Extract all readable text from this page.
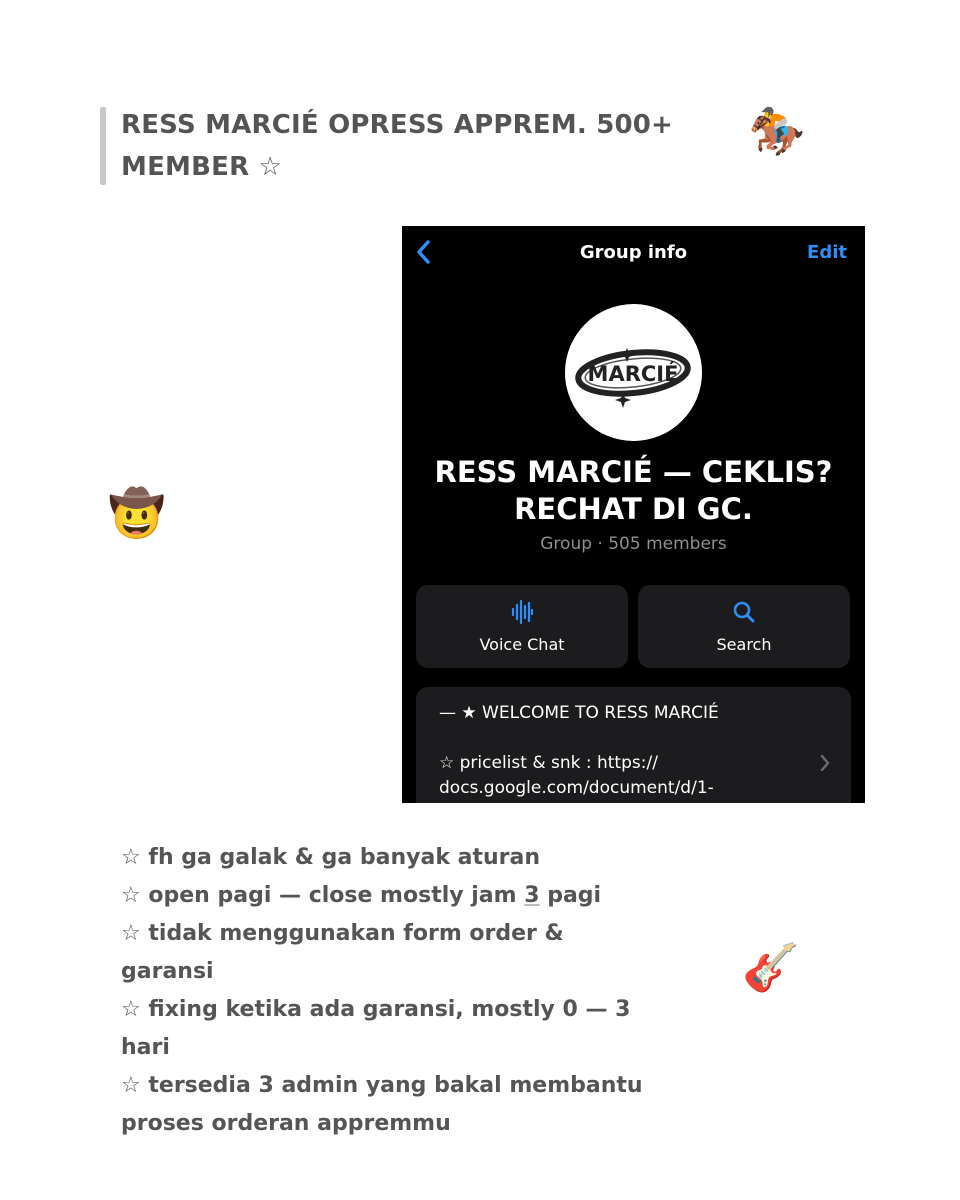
RESS MARCIÉ OPRESS APPREM. 500+ MEMBER ☆
🏇
🤠
🎸
Group info	Edit
MARCIÉ
RESS MARCIÉ — CEKLIS?
RECHAT DI GC.
Group · 505 members
Voice Chat	Search
— ★ WELCOME TO RESS MARCIÉ
☆ pricelist & snk : https://
docs.google.com/document/d/1-
☆ fh ga galak & ga banyak aturan
☆ open pagi — close mostly jam 3 pagi
☆ tidak menggunakan form order & garansi
☆ fixing ketika ada garansi, mostly 0 — 3
hari
☆ tersedia 3 admin yang bakal membantu
proses orderan appremmu
